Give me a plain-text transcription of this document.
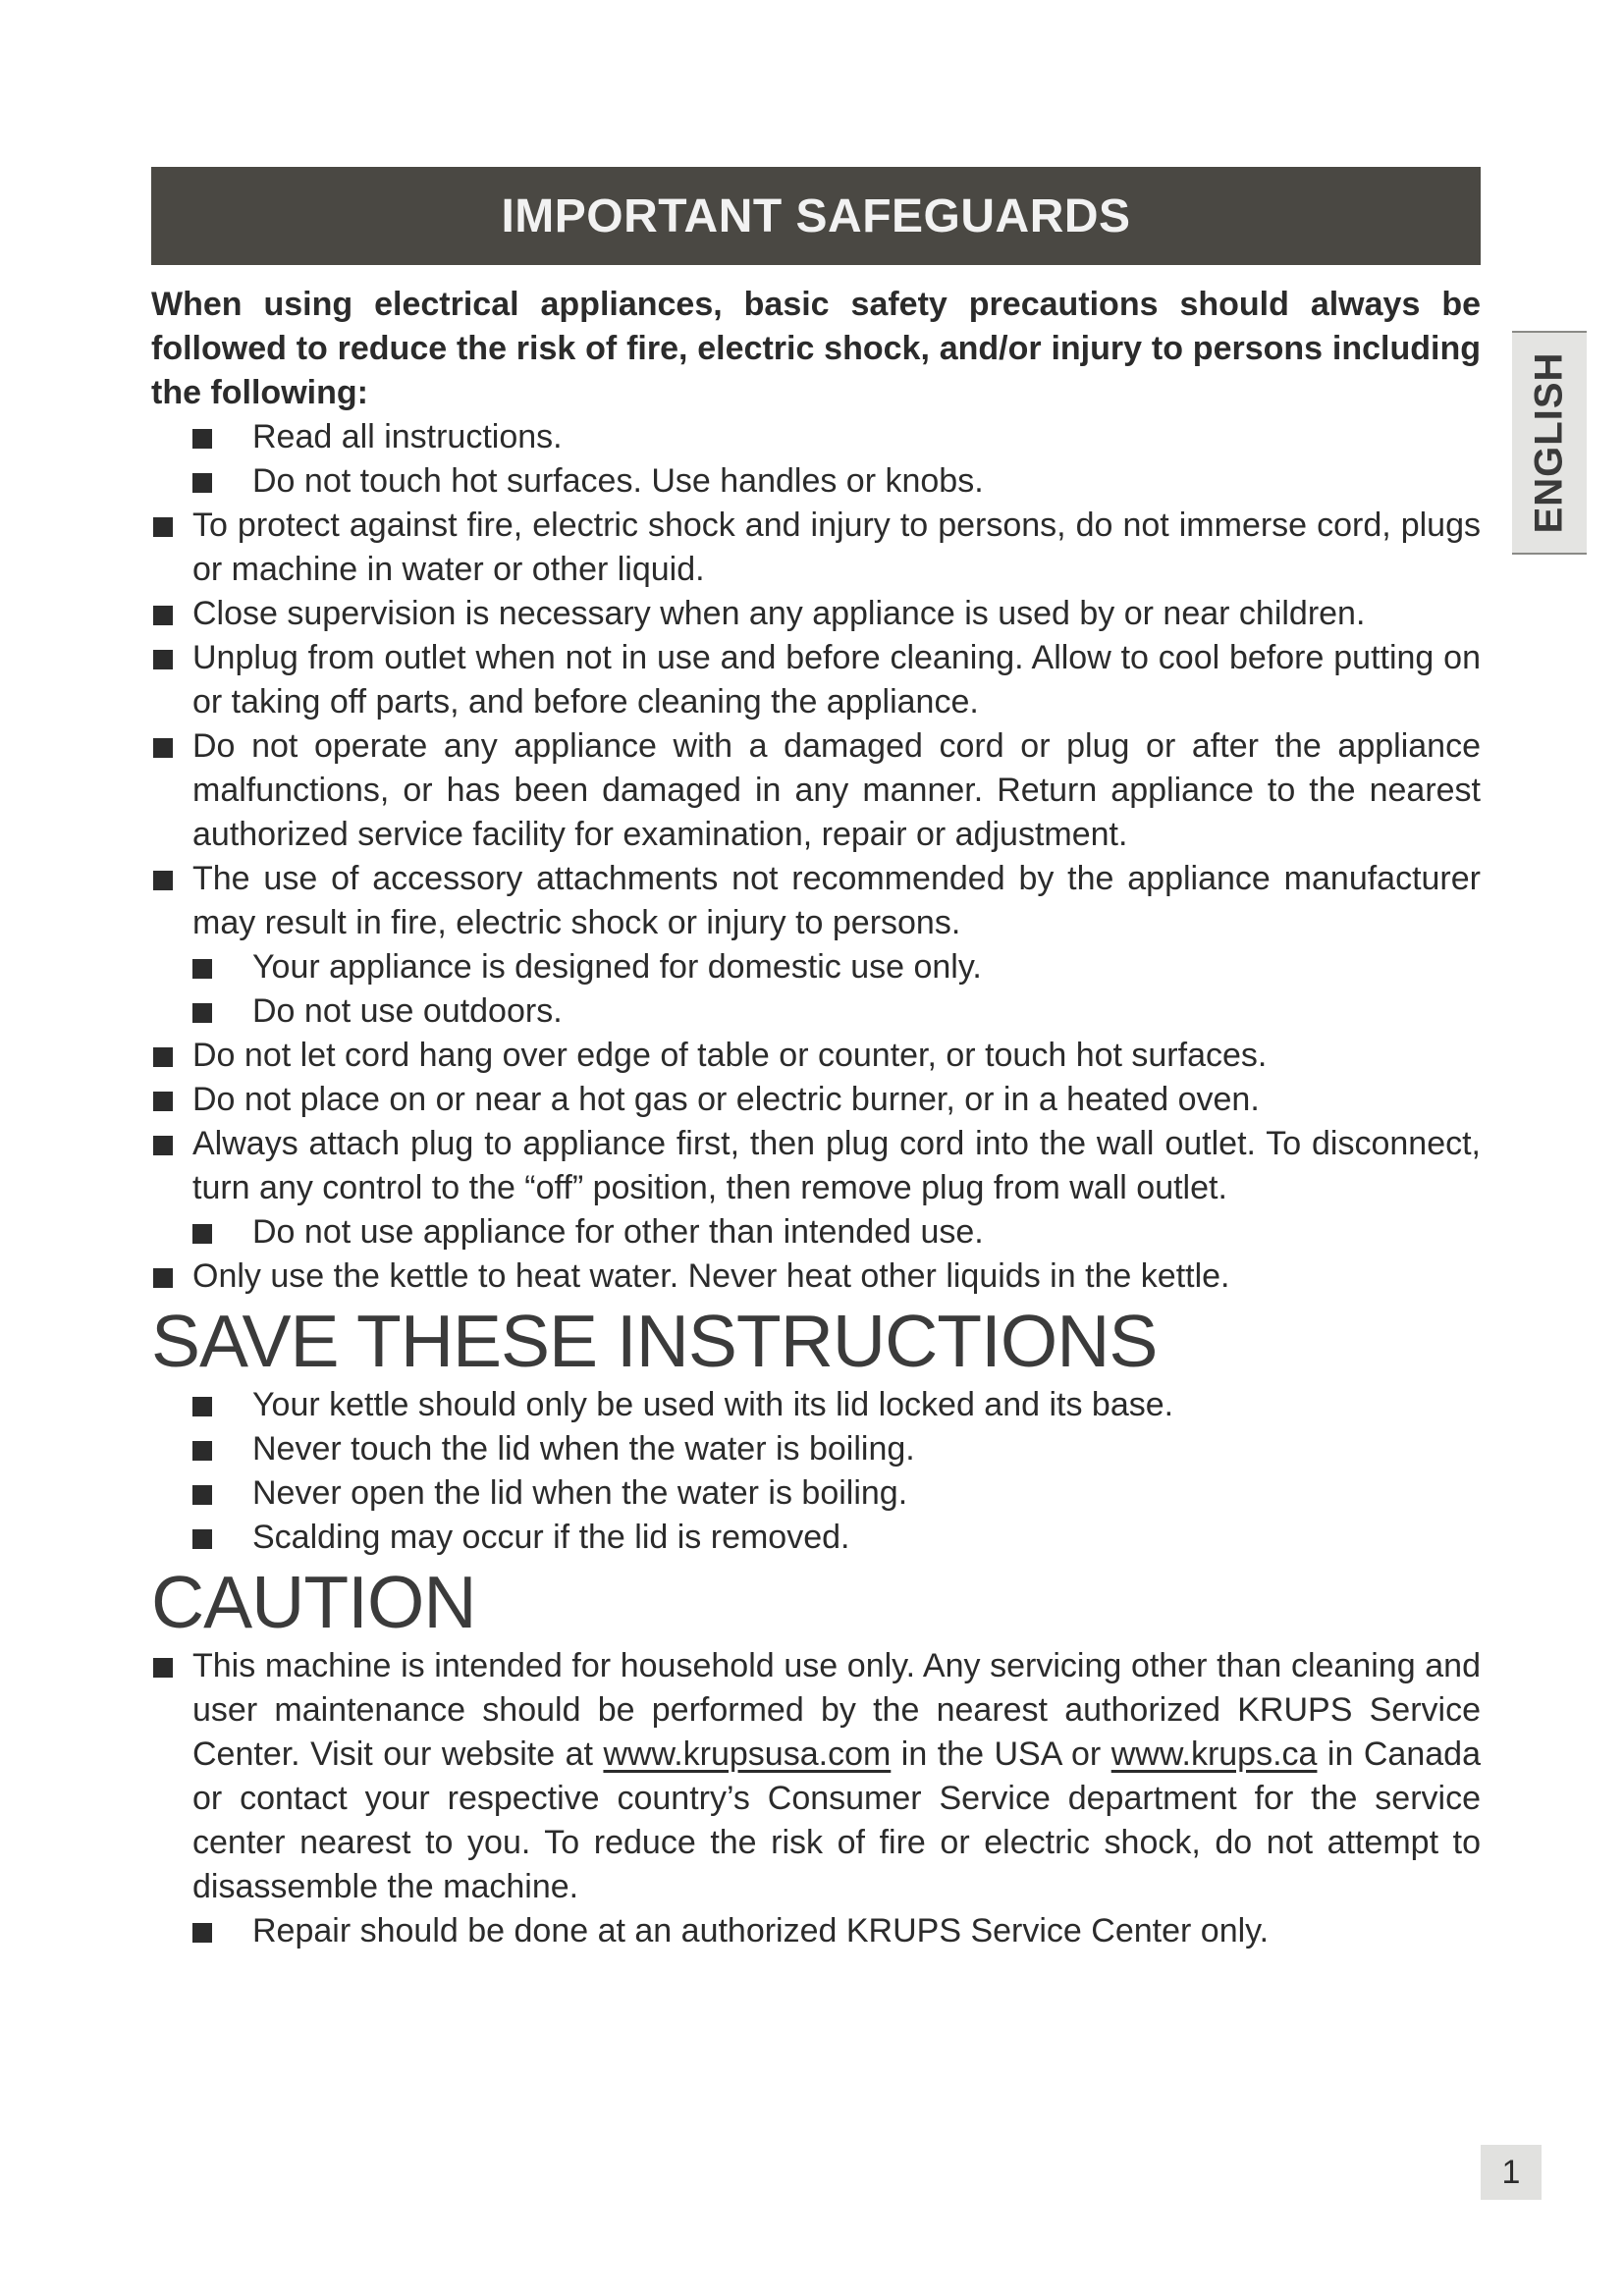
IMPORTANT SAFEGUARDS
ENGLISH

When using electrical appliances, basic safety precautions should always be followed to reduce the risk of fire, electric shock, and/or injury to persons including the following:

Read all instructions.
Do not touch hot surfaces. Use handles or knobs.
To protect against fire, electric shock and injury to persons, do not immerse cord, plugs or machine in water or other liquid.
Close supervision is necessary when any appliance is used by or near children.
Unplug from outlet when not in use and before cleaning. Allow to cool before putting on or taking off parts, and before cleaning the appliance.
Do not operate any appliance with a damaged cord or plug or after the appliance malfunctions, or has been damaged in any manner. Return appliance to the nearest authorized service facility for examination, repair or adjustment.
The use of accessory attachments not recommended by the appliance manufacturer may result in fire, electric shock or injury to persons.
Your appliance is designed for domestic use only.
Do not use outdoors.
Do not let cord hang over edge of table or counter, or touch hot surfaces.
Do not place on or near a hot gas or electric burner, or in a heated oven.
Always attach plug to appliance first, then plug cord into the wall outlet. To disconnect, turn any control to the “off” position, then remove plug from wall outlet.
Do not use appliance for other than intended use.
Only use the kettle to heat water. Never heat other liquids in the kettle.
SAVE THESE INSTRUCTIONS
Your kettle should only be used with its lid locked and its base.
Never touch the lid when the water is boiling.
Never open the lid when the water is boiling.
Scalding may occur if the lid is removed.
CAUTION
This machine is intended for household use only. Any servicing other than cleaning and user maintenance should be performed by the nearest authorized KRUPS Service Center. Visit our website at www.krupsusa.com in the USA or www.krups.ca in Canada or contact your respective country’s Consumer Service department for the service center nearest to you. To reduce the risk of fire or electric shock, do not attempt to disassemble the machine.
Repair should be done at an authorized KRUPS Service Center only.
1
